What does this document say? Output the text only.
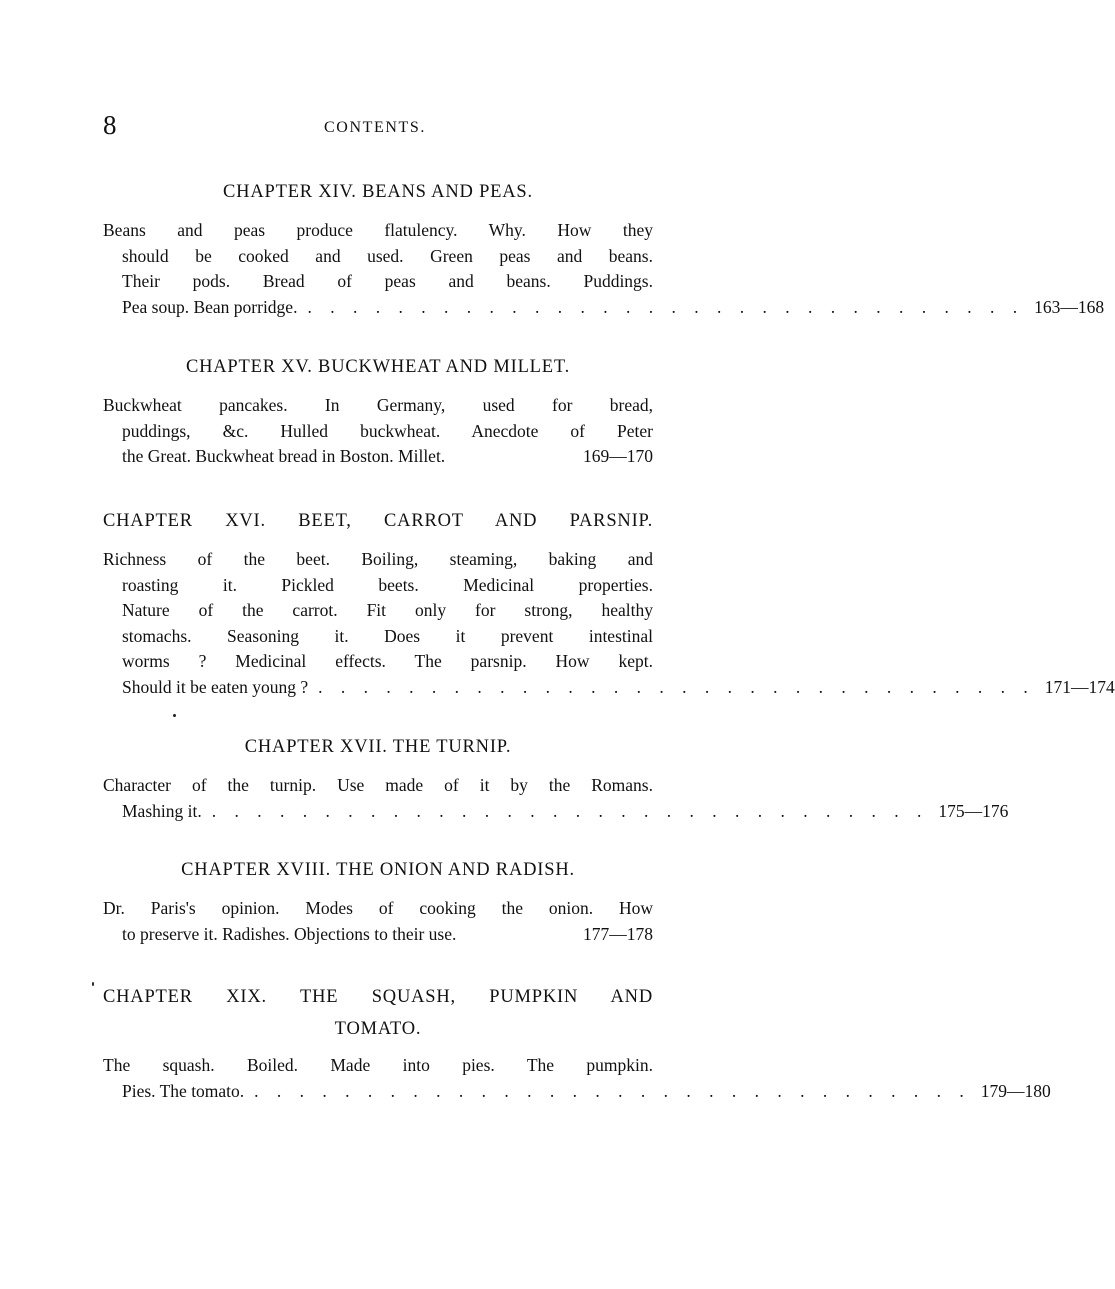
8	CONTENTS.
CHAPTER XIV. BEANS AND PEAS.
Beans and peas produce flatulency. Why. How they
should be cooked and used. Green peas and beans.
Their pods. Bread of peas and beans. Puddings.
Pea soup. Bean porridge. . . . . . . . . . . . . . . . . . . . . . . . . . . . . . . . . 163—168
CHAPTER XV. BUCKWHEAT AND MILLET.
Buckwheat pancakes. In Germany, used for bread,
puddings, &c. Hulled buckwheat. Anecdote of Peter
the Great. Buckwheat bread in Boston. Millet.	169—170
CHAPTER XVI. BEET, CARROT AND PARSNIP.
Richness of the beet. Boiling, steaming, baking and
roasting it. Pickled beets. Medicinal properties.
Nature of the carrot. Fit only for strong, healthy
stomachs. Seasoning it. Does it prevent intestinal
worms ? Medicinal effects. The parsnip. How kept.
Should it be eaten young ? . . . . . . . . . . . . . . . . . . . . . . . . . . . . . . . . 171—174
CHAPTER XVII. THE TURNIP.
Character of the turnip. Use made of it by the Romans.
Mashing it. . . . . . . . . . . . . . . . . . . . . . . . . . . . . . . . . 175—176
CHAPTER XVIII. THE ONION AND RADISH.
Dr. Paris's opinion. Modes of cooking the onion. How
to preserve it. Radishes. Objections to their use.	177—178
CHAPTER XIX. THE SQUASH, PUMPKIN AND
TOMATO.
The squash. Boiled. Made into pies. The pumpkin.
Pies. The tomato. . . . . . . . . . . . . . . . . . . . . . . . . . . . . . . . . 179—180
